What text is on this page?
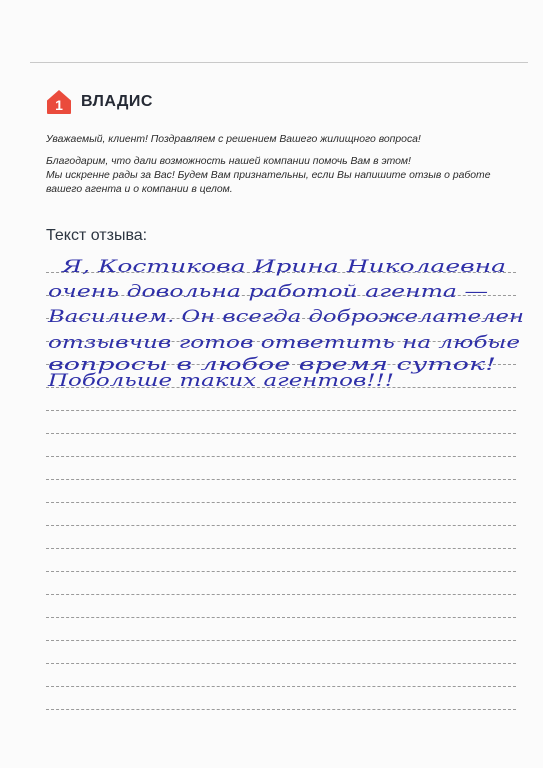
1 ВЛАДИС

Уважаемый, клиент! Поздравляем с решением Вашего жилищного вопроса!

Благодарим, что дали возможность нашей компании помочь Вам в этом!

Мы искренне рады за Вас! Будем Вам признательны, если Вы напишите отзыв о работе

вашего агента и о компании в целом.

Текст отзыва:
Я, Костикова Ирина Николаевна
очень довольна работой агента —
Василием. Он всегда доброжелателен
отзывчив готов ответить на любые
вопросы в любое время суток!
Побольше таких агентов!!!
